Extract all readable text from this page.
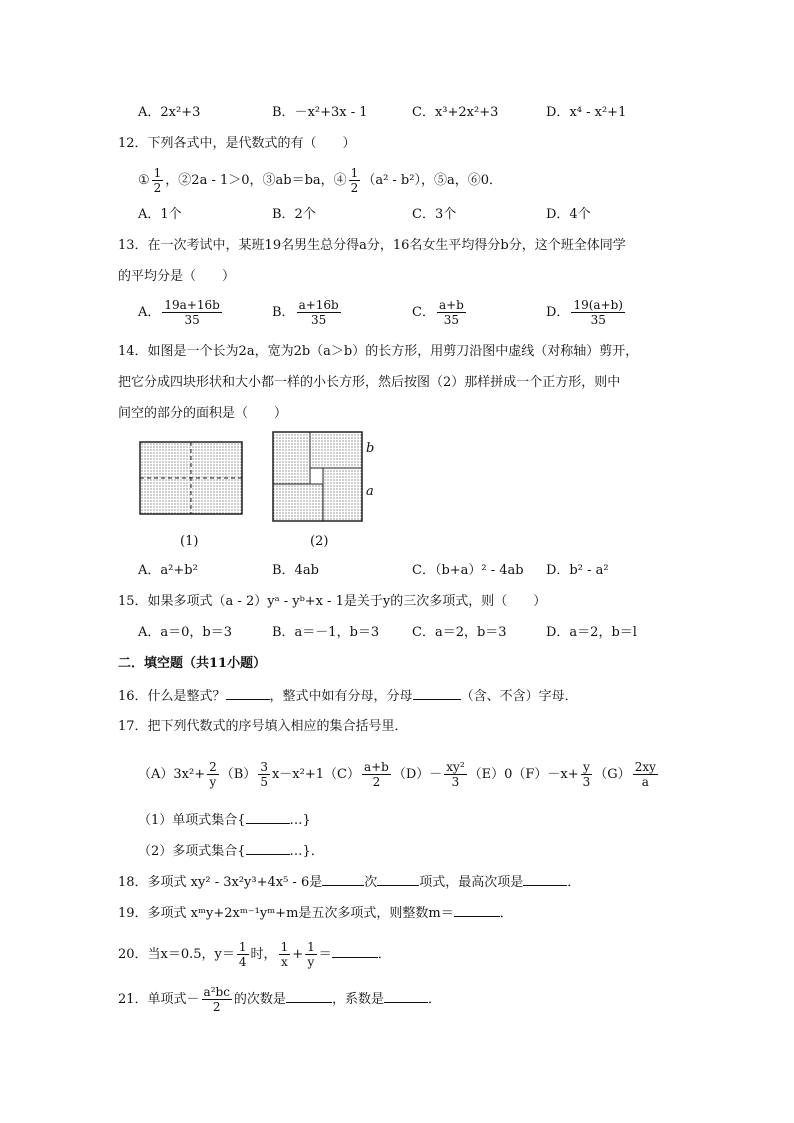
A．2x²+3	B．－x²+3x - 1	C．x³+2x²+3	D．x⁴ - x²+1
12．下列各式中，是代数式的有（　　）
① $\frac{1}{2}$ ，②2a - 1＞0，③ab＝ba，④ $\frac{1}{2} (a^2 - b^2)$，⑤a，⑥0．
A．1个	B．2个	C．3个	D．4个
13．在一次考试中，某班19名男生总分得a分，16名女生平均得分b分，这个班全体同学
的平均分是（　　）
A． $\frac{19a+16b}{35}$	B． $\frac{a+16b}{35}$	C． $\frac{a+b}{35}$	D． $\frac{19(a+b)}{35}$
14．如图是一个长为2a，宽为2b（a＞b）的长方形，用剪刀沿图中虚线（对称轴）剪开，
把它分成四块形状和大小都一样的小长方形，然后按图（2）那样拼成一个正方形，则中
间空的部分的面积是（　　）
b
a
(1)	(2)
A．a²+b²	B．4ab	C．（b+a）² - 4ab D．b² - a²
15．如果多项式（a - 2）yᵃ - yᵇ+x - 1是关于y的三次多项式，则（　　）
A．a＝0，b＝3	B．a＝－1，b＝3	C．a＝2，b＝3	D．a＝2，b＝l
二．填空题（共11小题）
16．什么是整式？	，整式中如有分母，分母	（含、不含）字母．
17．把下列代数式的序号填入相应的集合括号里．
$(A)3x^2+ \frac{2}{y} (B) \frac{3}{5} x-x^2+1(C) \frac{a+b}{2} (D)- \frac{\text{xy²}}{3} (E)0(F)-x+ \frac{y}{3} (G) \frac{2xy}{a}$
（1）单项式集合{	…}
（2）多项式集合{	…}．
18．多项式 xy² - 3x²y³+4x⁵ - 6是	次	项式，最高次项是	．
19．多项式 xᵐy+2xᵐ⁻¹yᵐ+m是五次多项式，则整数m＝	．
20．当x＝0.5，$y= \frac{1}{4}$ 时， $\frac{1}{x} + \frac{1}{y}$ ＝	．
21．单项式－ $\frac{\text{a²bc}}{2}$ 的次数是	，系数是	．
